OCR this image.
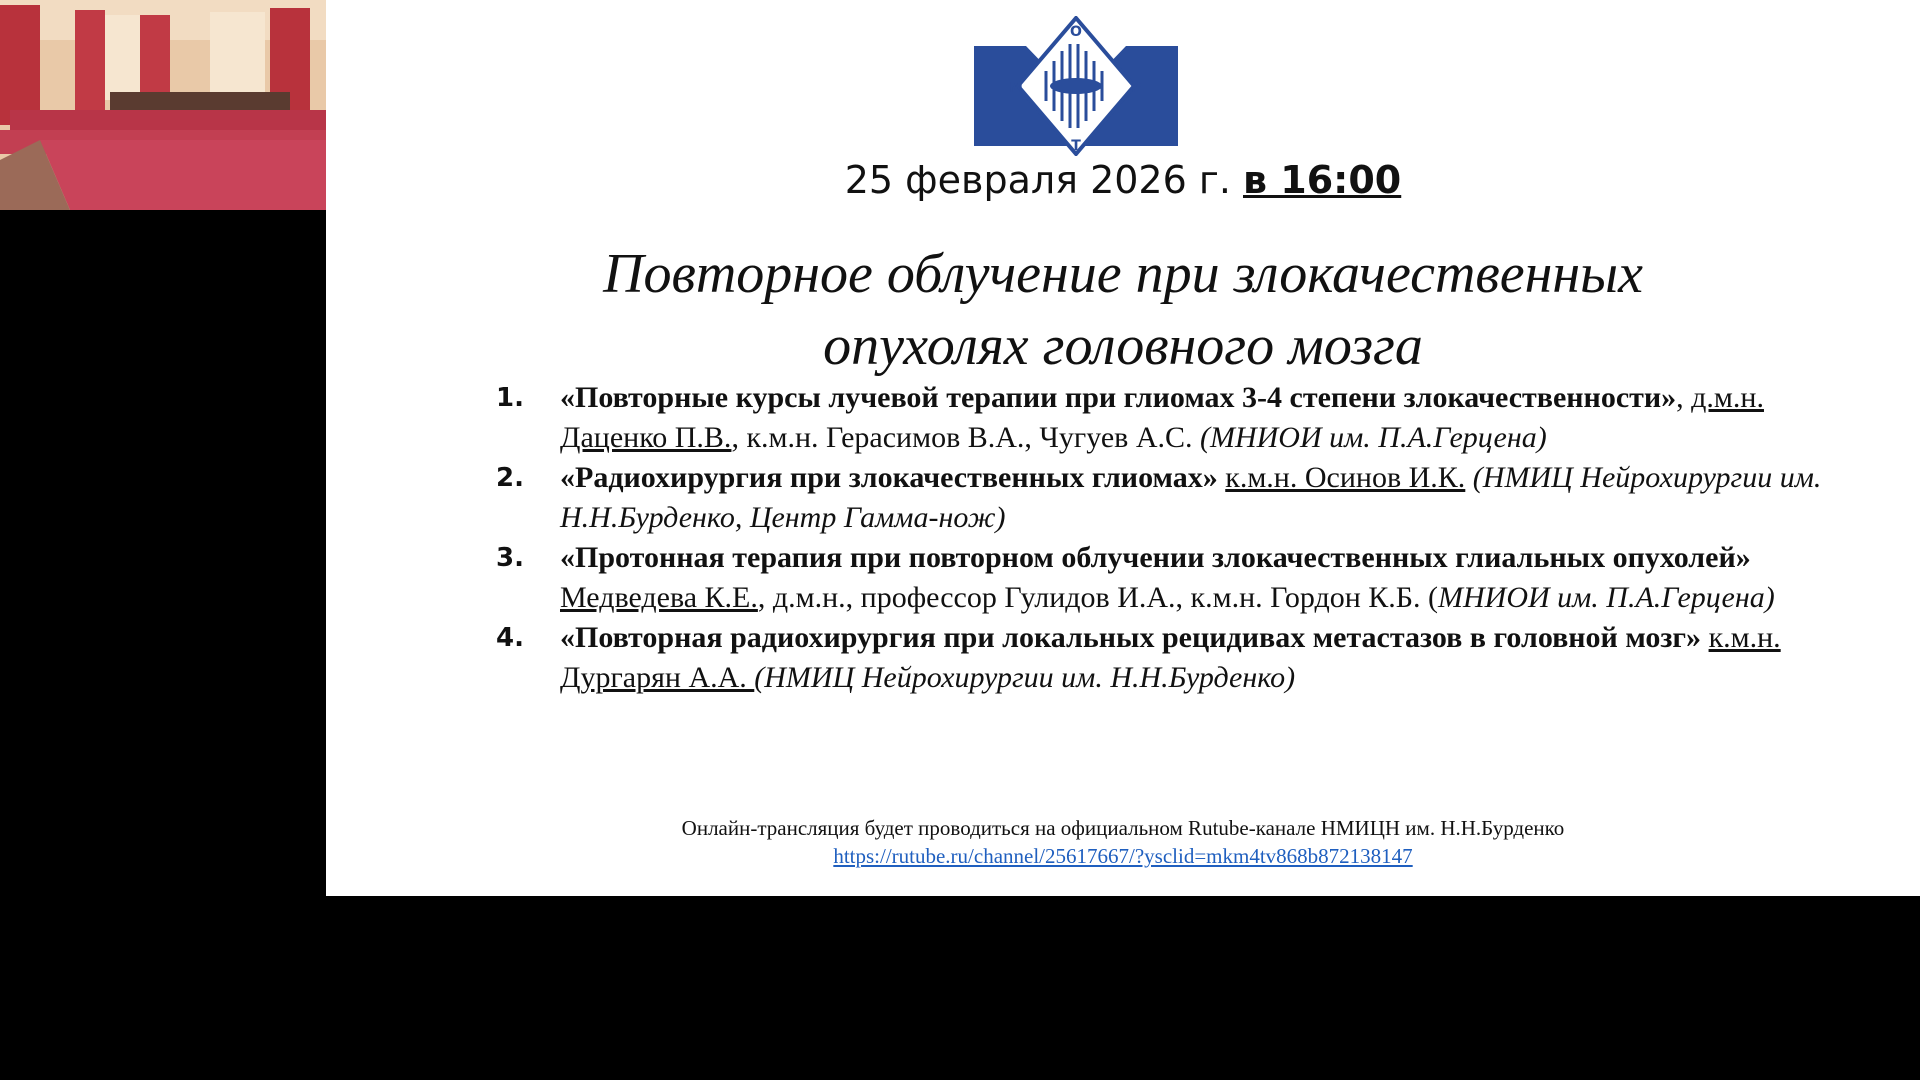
О
М	Р
Т
25 февраля 2026 г. в 16:00
Повторное облучение при злокачественных
опухолях головного мозга
1. «Повторные курсы лучевой терапии при глиомах 3-4 степени злокачественности», д.м.н. Даценко П.В., к.м.н. Герасимов В.А., Чугуев А.С. (МНИОИ им. П.А.Герцена)
2. «Радиохирургия при злокачественных глиомах» к.м.н. Осинов И.К. (НМИЦ Нейрохирургии им. Н.Н.Бурденко, Центр Гамма-нож)
3. «Протонная терапия при повторном облучении злокачественных глиальных опухолей» Медведева К.Е., д.м.н., профессор Гулидов И.А., к.м.н. Гордон К.Б. (МНИОИ им. П.А.Герцена)
4. «Повторная радиохирургия при локальных рецидивах метастазов в головной мозг» к.м.н. Дургарян А.А. (НМИЦ Нейрохирургии им. Н.Н.Бурденко)
Онлайн-трансляция будет проводиться на официальном Rutube-канале НМИЦН им. Н.Н.Бурденко
https://rutube.ru/channel/25617667/?ysclid=mkm4tv868b872138147
